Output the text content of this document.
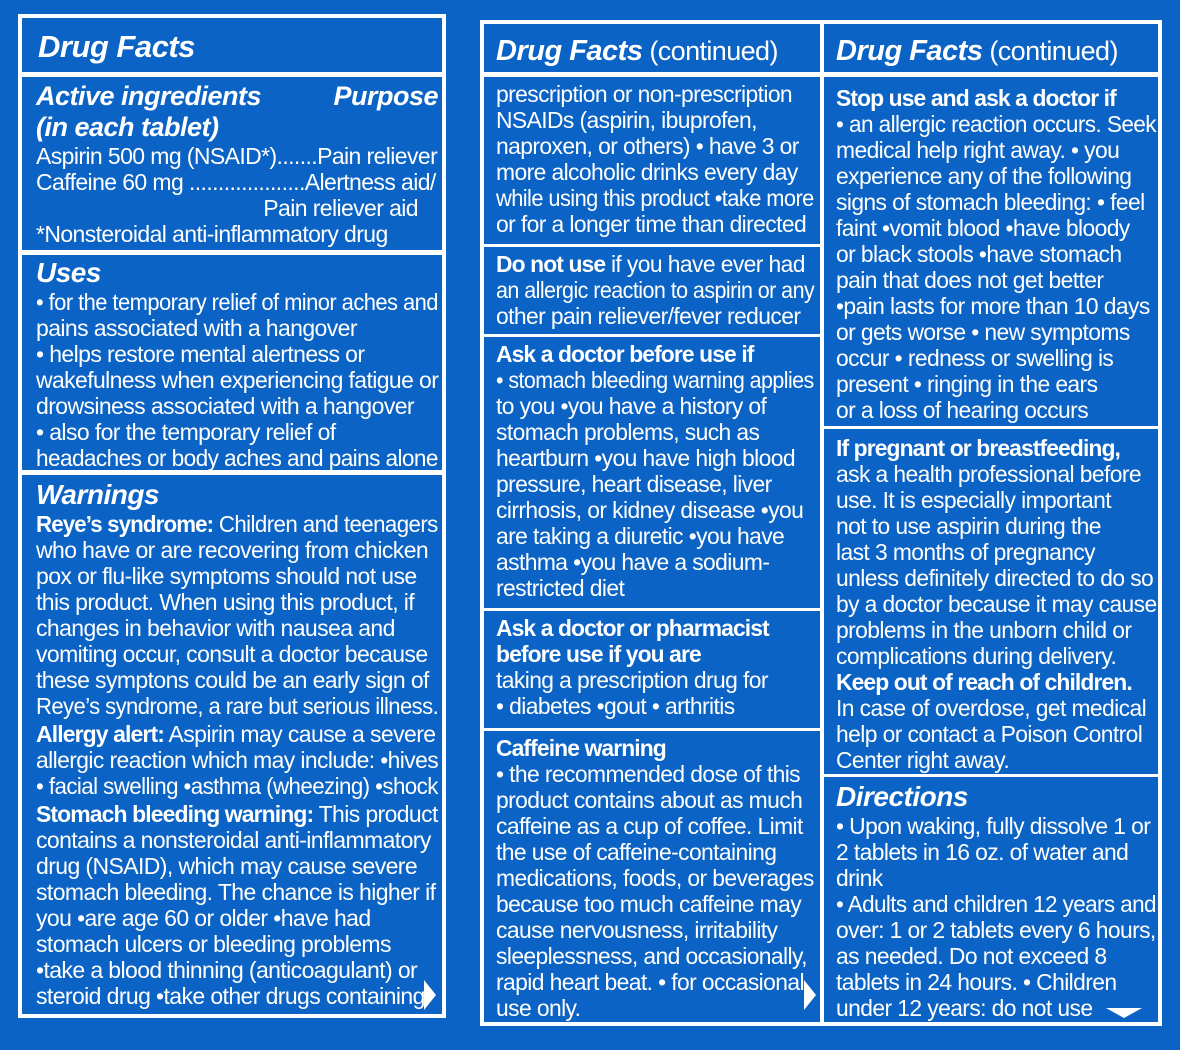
Drug Facts
Active ingredients	Purpose
(in each tablet)
Aspirin 500 mg (NSAID*).......Pain reliever
Caffeine 60 mg ....................Alertness aid/
Pain reliever aid
*Nonsteroidal anti-inflammatory drug
Uses
• for the temporary relief of minor aches and
pains associated with a hangover
• helps restore mental alertness or
wakefulness when experiencing fatigue or
drowsiness associated with a hangover
• also for the temporary relief of
headaches or body aches and pains alone
Warnings
Reye’s syndrome: Children and teenagers
who have or are recovering from chicken
pox or flu-like symptoms should not use
this product. When using this product, if
changes in behavior with nausea and
vomiting occur, consult a doctor because
these symptons could be an early sign of
Reye’s syndrome, a rare but serious illness.
Allergy alert: Aspirin may cause a severe
allergic reaction which may include: •hives
• facial swelling •asthma (wheezing) •shock
Stomach bleeding warning: This product
contains a nonsteroidal anti-inflammatory
drug (NSAID), which may cause severe
stomach bleeding. The chance is higher if
you •are age 60 or older •have had
stomach ulcers or bleeding problems
•take a blood thinning (anticoagulant) or
steroid drug •take other drugs containing
Drug Facts (continued)
prescription or non-prescription
NSAIDs (aspirin, ibuprofen,
naproxen, or others) • have 3 or
more alcoholic drinks every day
while using this product •take more
or for a longer time than directed
Do not use if you have ever had
an allergic reaction to aspirin or any
other pain reliever/fever reducer
Ask a doctor before use if
• stomach bleeding warning applies
to you •you have a history of
stomach problems, such as
heartburn •you have high blood
pressure, heart disease, liver
cirrhosis, or kidney disease •you
are taking a diuretic •you have
asthma •you have a sodium-
restricted diet
Ask a doctor or pharmacist
before use if you are
taking a prescription drug for
• diabetes •gout • arthritis
Caffeine warning
• the recommended dose of this
product contains about as much
caffeine as a cup of coffee. Limit
the use of caffeine-containing
medications, foods, or beverages
because too much caffeine may
cause nervousness, irritability
sleeplessness, and occasionally,
rapid heart beat. • for occasional
use only.
Drug Facts (continued)
Stop use and ask a doctor if
• an allergic reaction occurs. Seek
medical help right away. • you
experience any of the following
signs of stomach bleeding: • feel
faint •vomit blood •have bloody
or black stools •have stomach
pain that does not get better
•pain lasts for more than 10 days
or gets worse • new symptoms
occur • redness or swelling is
present • ringing in the ears
or a loss of hearing occurs
If pregnant or breastfeeding,
ask a health professional before
use. It is especially important
not to use aspirin during the
last 3 months of pregnancy
unless definitely directed to do so
by a doctor because it may cause
problems in the unborn child or
complications during delivery.
Keep out of reach of children.
In case of overdose, get medical
help or contact a Poison Control
Center right away.
Directions
• Upon waking, fully dissolve 1 or
2 tablets in 16 oz. of water and
drink
• Adults and children 12 years and
over: 1 or 2 tablets every 6 hours,
as needed. Do not exceed 8
tablets in 24 hours. • Children
under 12 years: do not use
